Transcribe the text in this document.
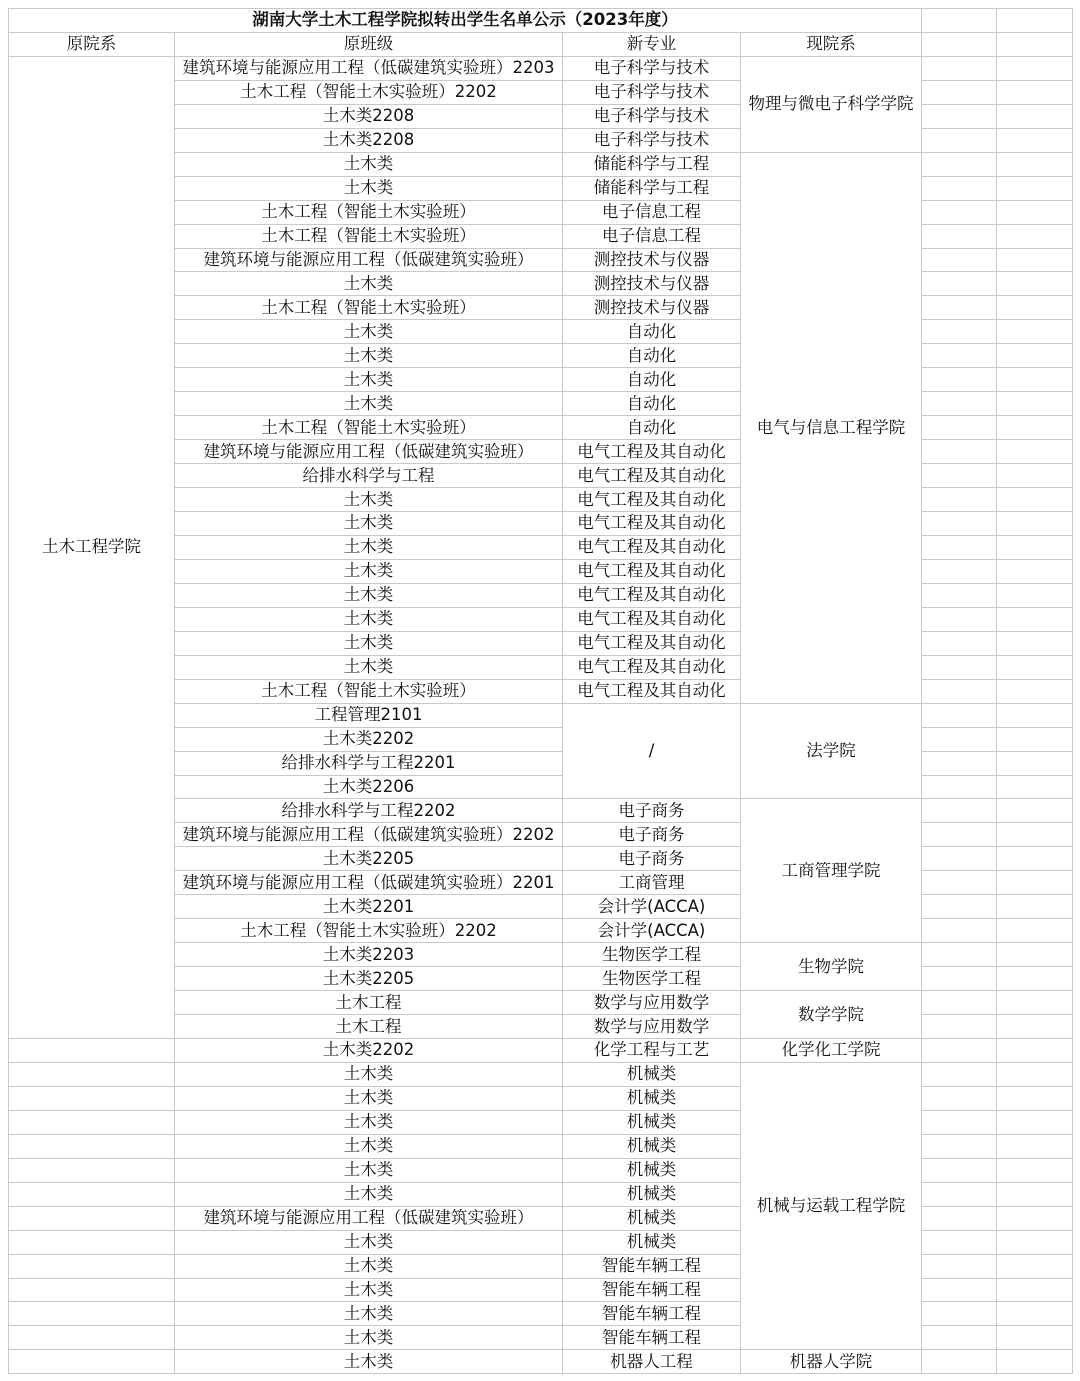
湖南大学土木工程学院拟转出学生名单公示（2023年度）					
原院系	原班级	新专业	现院系		
土木工程学院	建筑环境与能源应用工程（低碳建筑实验班）2203	电子科学与技术	物理与微电子科学学院		
	土木工程（智能土木实验班）2202	电子科学与技术			
	土木类2208	电子科学与技术			
	土木类2208	电子科学与技术			
	土木类	储能科学与工程	电气与信息工程学院		
	土木类	储能科学与工程			
	土木工程（智能土木实验班）	电子信息工程			
	土木工程（智能土木实验班）	电子信息工程			
	建筑环境与能源应用工程（低碳建筑实验班）	测控技术与仪器			
	土木类	测控技术与仪器			
	土木工程（智能土木实验班）	测控技术与仪器			
	土木类	自动化			
	土木类	自动化			
	土木类	自动化			
	土木类	自动化			
	土木工程（智能土木实验班）	自动化			
	建筑环境与能源应用工程（低碳建筑实验班）	电气工程及其自动化			
	给排水科学与工程	电气工程及其自动化			
	土木类	电气工程及其自动化			
	土木类	电气工程及其自动化			
	土木类	电气工程及其自动化			
	土木类	电气工程及其自动化			
	土木类	电气工程及其自动化			
	土木类	电气工程及其自动化			
	土木类	电气工程及其自动化			
	土木类	电气工程及其自动化			
	土木工程（智能土木实验班）	电气工程及其自动化			
	工程管理2101	/	法学院		
	土木类2202				
	给排水科学与工程2201				
	土木类2206				
	给排水科学与工程2202	电子商务	工商管理学院		
	建筑环境与能源应用工程（低碳建筑实验班）2202	电子商务			
	土木类2205	电子商务			
	建筑环境与能源应用工程（低碳建筑实验班）2201	工商管理			
	土木类2201	会计学(ACCA)			
	土木工程（智能土木实验班）2202	会计学(ACCA)			
	土木类2203	生物医学工程	生物学院		
	土木类2205	生物医学工程			
	土木工程	数学与应用数学	数学学院		
	土木工程	数学与应用数学			
	土木类2202	化学工程与工艺	化学化工学院		
	土木类	机械类	机械与运载工程学院		
	土木类	机械类			
	土木类	机械类			
	土木类	机械类			
	土木类	机械类			
	土木类	机械类			
	建筑环境与能源应用工程（低碳建筑实验班）	机械类			
	土木类	机械类			
	土木类	智能车辆工程			
	土木类	智能车辆工程			
	土木类	智能车辆工程			
	土木类	智能车辆工程			
	土木类	机器人工程	机器人学院		
